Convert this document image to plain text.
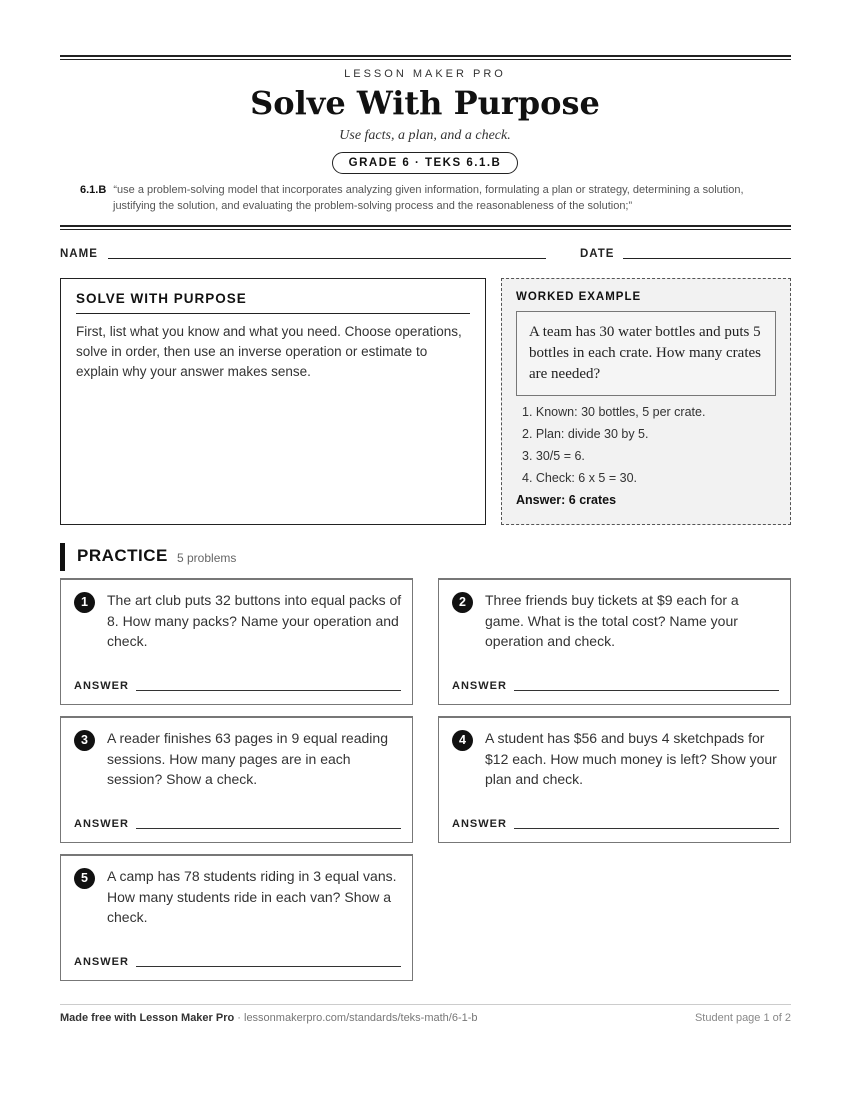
LESSON MAKER PRO
Solve With Purpose
Use facts, a plan, and a check.
GRADE 6 · TEKS 6.1.B
6.1.B “use a problem-solving model that incorporates analyzing given information, formulating a plan or strategy, determining a solution, justifying the solution, and evaluating the problem-solving process and the reasonableness of the solution;”
NAME	DATE
SOLVE WITH PURPOSE

First, list what you know and what you need. Choose operations, solve in order, then use an inverse operation or estimate to explain why your answer makes sense.

WORKED EXAMPLE
A team has 30 water bottles and puts 5 bottles in each crate. How many crates are needed?
1. Known: 30 bottles, 5 per crate.
2. Plan: divide 30 by 5.
3. 30/5 = 6.
4. Check: 6 x 5 = 30.
Answer: 6 crates
PRACTICE 5 problems
1	The art club puts 32 buttons into equal packs of 8. How many packs? Name your operation and check.
ANSWER
2	Three friends buy tickets at $9 each for a game. What is the total cost? Name your operation and check.
ANSWER
3	A reader finishes 63 pages in 9 equal reading sessions. How many pages are in each session? Show a check.
ANSWER
4	A student has $56 and buys 4 sketchpads for $12 each. How much money is left? Show your plan and check.
ANSWER
5	A camp has 78 students riding in 3 equal vans. How many students ride in each van? Show a check.
ANSWER
Made free with Lesson Maker Pro · lessonmakerpro.com/standards/teks-math/6-1-b	Student page 1 of 2
